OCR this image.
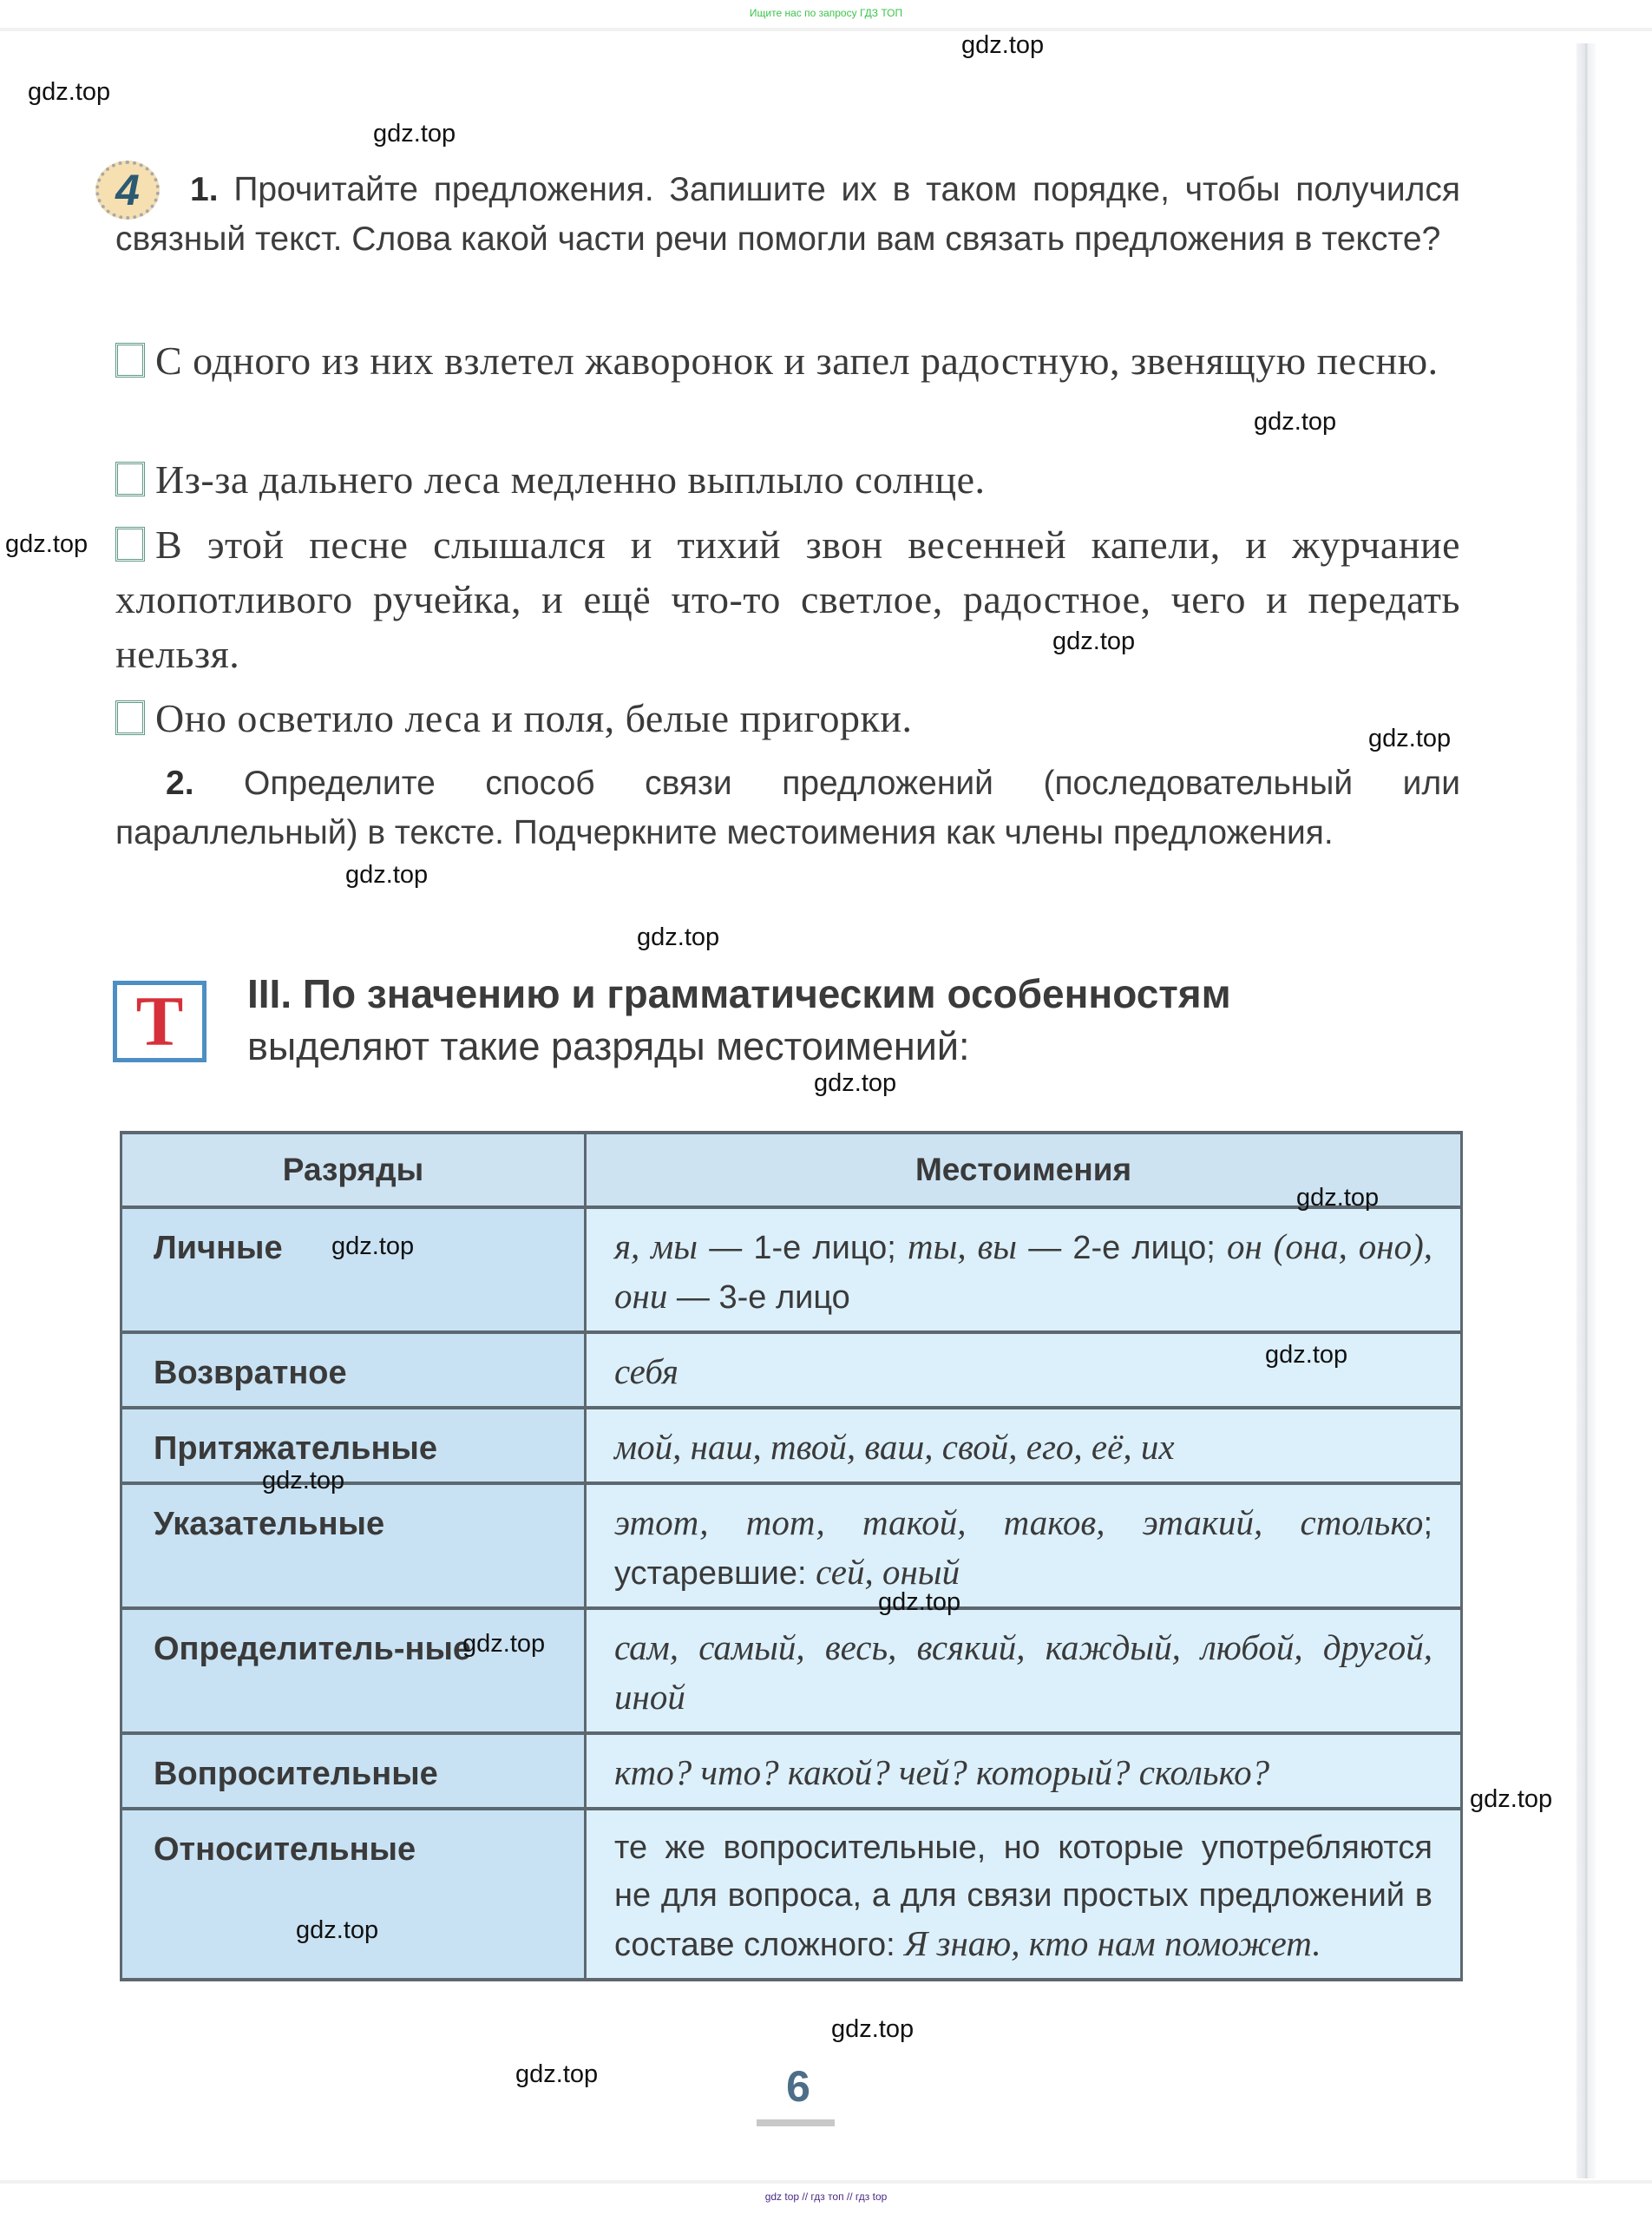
Ищите нас по запросу ГДЗ ТОП
4	1. Прочитайте предложения. Запишите их в таком порядке, чтобы получился связный текст. Слова какой части речи помогли вам связать предложения в тексте?
С одного из них взлетел жаворонок и запел радостную, звенящую песню.
Из-за дальнего леса медленно выплыло солнце.
В этой песне слышался и тихий звон весенней капели, и журчание хлопотливого ручейка, и ещё что-то светлое, радостное, чего и передать нельзя.
Оно осветило леса и поля, белые пригорки.
2. Определите способ связи предложений (последовательный или параллельный) в тексте. Подчеркните местоимения как члены предложения.
Т III. По значению и грамматическим особенностям
выделяют такие разряды местоимений:
Разряды	Местоимения
Личные	я, мы — 1-е лицо; ты, вы — 2-е лицо; он (она, оно), они — 3-е лицо
Возвратное	себя
Притяжательные	мой, наш, твой, ваш, свой, его, её, их
Указательные	этот, тот, такой, таков, этакий, столько; устаревшие: сей, оный
Определитель-ные	сам, самый, весь, всякий, каждый, любой, другой, иной
Вопросительные	кто? что? какой? чей? который? сколько?
Относительные	те же вопросительные, но которые употребляются не для вопроса, а для связи простых предложений в составе сложного: Я знаю, кто нам поможет.
6
gdz.top
gdz.top
gdz.top
gdz.top
gdz.top
gdz.top
gdz.top
gdz.top
gdz.top
gdz.top
gdz.top
gdz.top
gdz.top
gdz.top
gdz.top
gdz.top
gdz.top
gdz.top
gdz.top
gdz.top
gdz top // гдз топ // гдз top
